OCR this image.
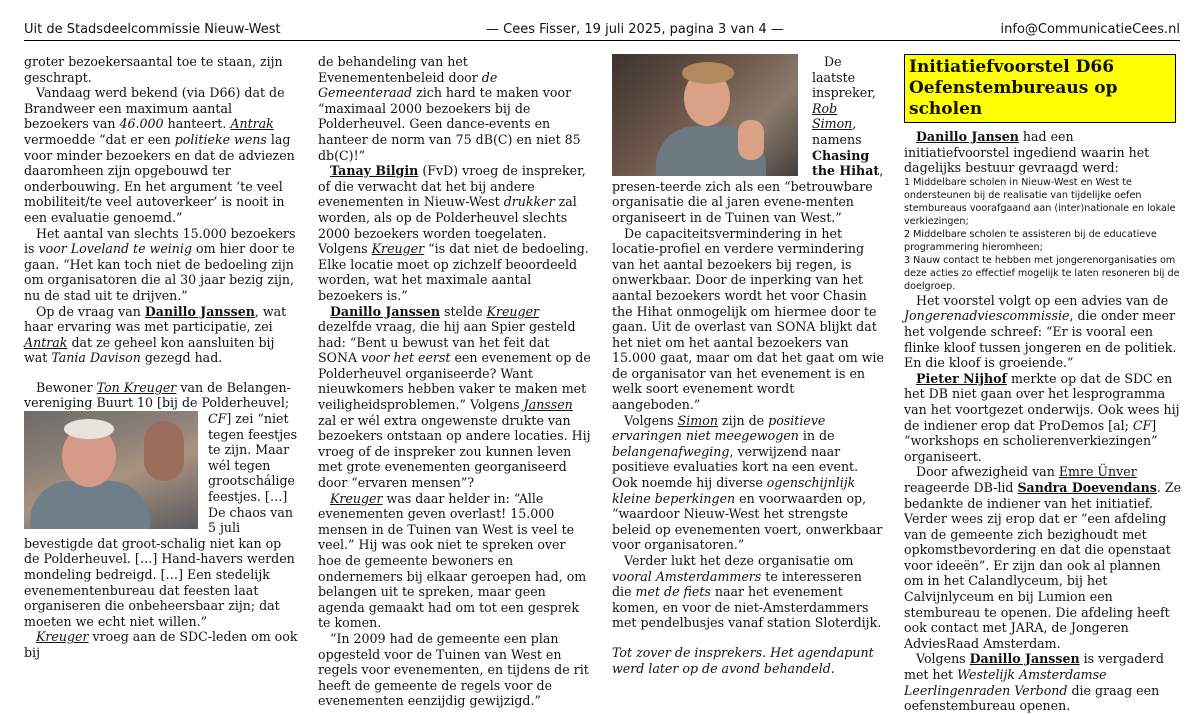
Uit de Stadsdeelcommissie Nieuw-West	— Cees Fisser, 19 juli 2025, pagina 3 van 4 —	info@CommunicatieCees.nl

groter bezoekersaantal toe te staan, zijn geschrapt.

Vandaag werd bekend (via D66) dat de Brandweer een maximum aantal bezoekers van 46.000 hanteert. Antrak vermoedde “dat er een politieke wens lag voor minder bezoekers en dat de adviezen daaromheen zijn opgebouwd ter onderbouwing. En het argument ‘te veel mobiliteit/te veel autoverkeer’ is nooit in een evaluatie genoemd.”

Het aantal van slechts 15.000 bezoekers is voor Loveland te weinig om hier door te gaan. “Het kan toch niet de bedoeling zijn om organisatoren die al 30 jaar bezig zijn, nu de stad uit te drijven.”

Op de vraag van Danillo Janssen, wat haar ervaring was met participatie, zei Antrak dat ze geheel kon aansluiten bij wat Tania Davison gezegd had.

Bewoner Ton Kreuger van de Belangen-vereniging Buurt 10 [bij de Polderheuvel; CF
] zei “niet tegen feestjes te zijn. Maar wél tegen grootschálige feestjes. […] De chaos van 5 juli bevestigde dat groot-schalig niet kan op de Polderheuvel. […] Hand-havers werden mondeling bedreigd. […] Een stedelijk evenementenbureau dat feesten laat organiseren die onbeheersbaar zijn; dat moeten we echt niet willen.”

Kreuger vroeg aan de SDC-leden om ook bij

de behandeling van het Evenementenbeleid door de Gemeenteraad zich hard te maken voor “maximaal 2000 bezoekers bij de Polderheuvel. Geen dance-events en hanteer de norm van 75 dB(C) en niet 85 db(C)!”

Tanay Bilgin (FvD) vroeg de inspreker, of die verwacht dat het bij andere evenementen in Nieuw-West drukker zal worden, als op de Polderheuvel slechts 2000 bezoekers worden toegelaten. Volgens Kreuger “is dat niet de bedoeling. Elke locatie moet op zichzelf beoordeeld worden, wat het maximale aantal bezoekers is.”

Danillo Janssen stelde Kreuger dezelfde vraag, die hij aan Spier gesteld had: “Bent u bewust van het feit dat SONA voor het eerst een evenement op de Polderheuvel organiseerde? Want nieuwkomers hebben vaker te maken met veiligheidsproblemen.” Volgens Janssen zal er wél extra ongewenste drukte van bezoekers ontstaan op andere locaties. Hij vroeg of de inspreker zou kunnen leven met grote evenementen georganiseerd door “ervaren mensen”?

Kreuger was daar helder in: “Alle evenementen geven overlast! 15.000 mensen in de Tuinen van West is veel te veel.” Hij was ook niet te spreken over hoe de gemeente bewoners en ondernemers bij elkaar geroepen had, om belangen uit te spreken, maar geen agenda gemaakt had om tot een gesprek te komen.

“In 2009 had de gemeente een plan opgesteld voor de Tuinen van West en regels voor evenementen, en tijdens de rit heeft de gemeente de regels voor de evenementen eenzijdig gewijzigd.”

De laatste inspreker, Rob Simon, namens Chasing the Hihat, presen-teerde zich als een “betrouwbare organisatie die al jaren evene-menten organiseert in de Tuinen van West.”

De capaciteitsvermindering in het locatie-profiel en verdere vermindering van het aantal bezoekers bij regen, is onwerkbaar. Door de inperking van het aantal bezoekers wordt het voor Chasin the Hihat onmogelijk om hiermee door te gaan. Uit de overlast van SONA blijkt dat het niet om het aantal bezoekers van 15.000 gaat, maar om dat het gaat om wie de organisator van het evenement is en welk soort evenement wordt aangeboden.”

Volgens Simon zijn de positieve ervaringen niet meegewogen in de belangenafweging, verwijzend naar positieve evaluaties kort na een event. Ook noemde hij diverse ogenschijnlijk kleine beperkingen en voorwaarden op, “waardoor Nieuw-West het strengste beleid op evenementen voert, onwerkbaar voor organisatoren.”

Verder lukt het deze organisatie om vooral Amsterdammers te interesseren die met de fiets naar het evenement komen, en voor de niet-Amsterdammers met pendelbusjes vanaf station Sloterdijk.

Tot zover de insprekers. Het agendapunt werd later op de avond behandeld.

Initiatiefvoorstel D66 Oefenstembureaus op scholen

Danillo Jansen had een initiatiefvoorstel ingediend waarin het dagelijks bestuur gevraagd werd:

1 Middelbare scholen in Nieuw-West en West te ondersteunen bij de realisatie van tijdelijke oefen stembureaus voorafgaand aan (inter)nationale en lokale verkiezingen;

2 Middelbare scholen te assisteren bij de educatieve programmering hieromheen;

3 Nauw contact te hebben met jongerenorganisaties om deze acties zo effectief mogelijk te laten resoneren bij de doelgroep.

Het voorstel volgt op een advies van de Jongerenadviescommissie, die onder meer het volgende schreef: “Er is vooral een flinke kloof tussen jongeren en de politiek. En die kloof is groeiende.”

Pieter Nijhof merkte op dat de SDC en het DB niet gaan over het lesprogramma van het voortgezet onderwijs. Ook wees hij de indiener erop dat ProDemos [al; CF] “workshops en scholierenverkiezingen” organiseert.

Door afwezigheid van Emre Ünver reageerde DB-lid Sandra Doevendans. Ze bedankte de indiener van het initiatief. Verder wees zij erop dat er “een afdeling van de gemeente zich bezighoudt met opkomstbevordering en dat die openstaat voor ideeën”. Er zijn dan ook al plannen om in het Calandlyceum, bij het Calvijnlyceum en bij Lumion een stembureau te openen. Die afdeling heeft ook contact met JARA, de Jongeren AdviesRaad Amsterdam.

Volgens Danillo Janssen is vergaderd met het Westelijk Amsterdamse Leerlingenraden Verbond die graag een oefenstembureau openen.
